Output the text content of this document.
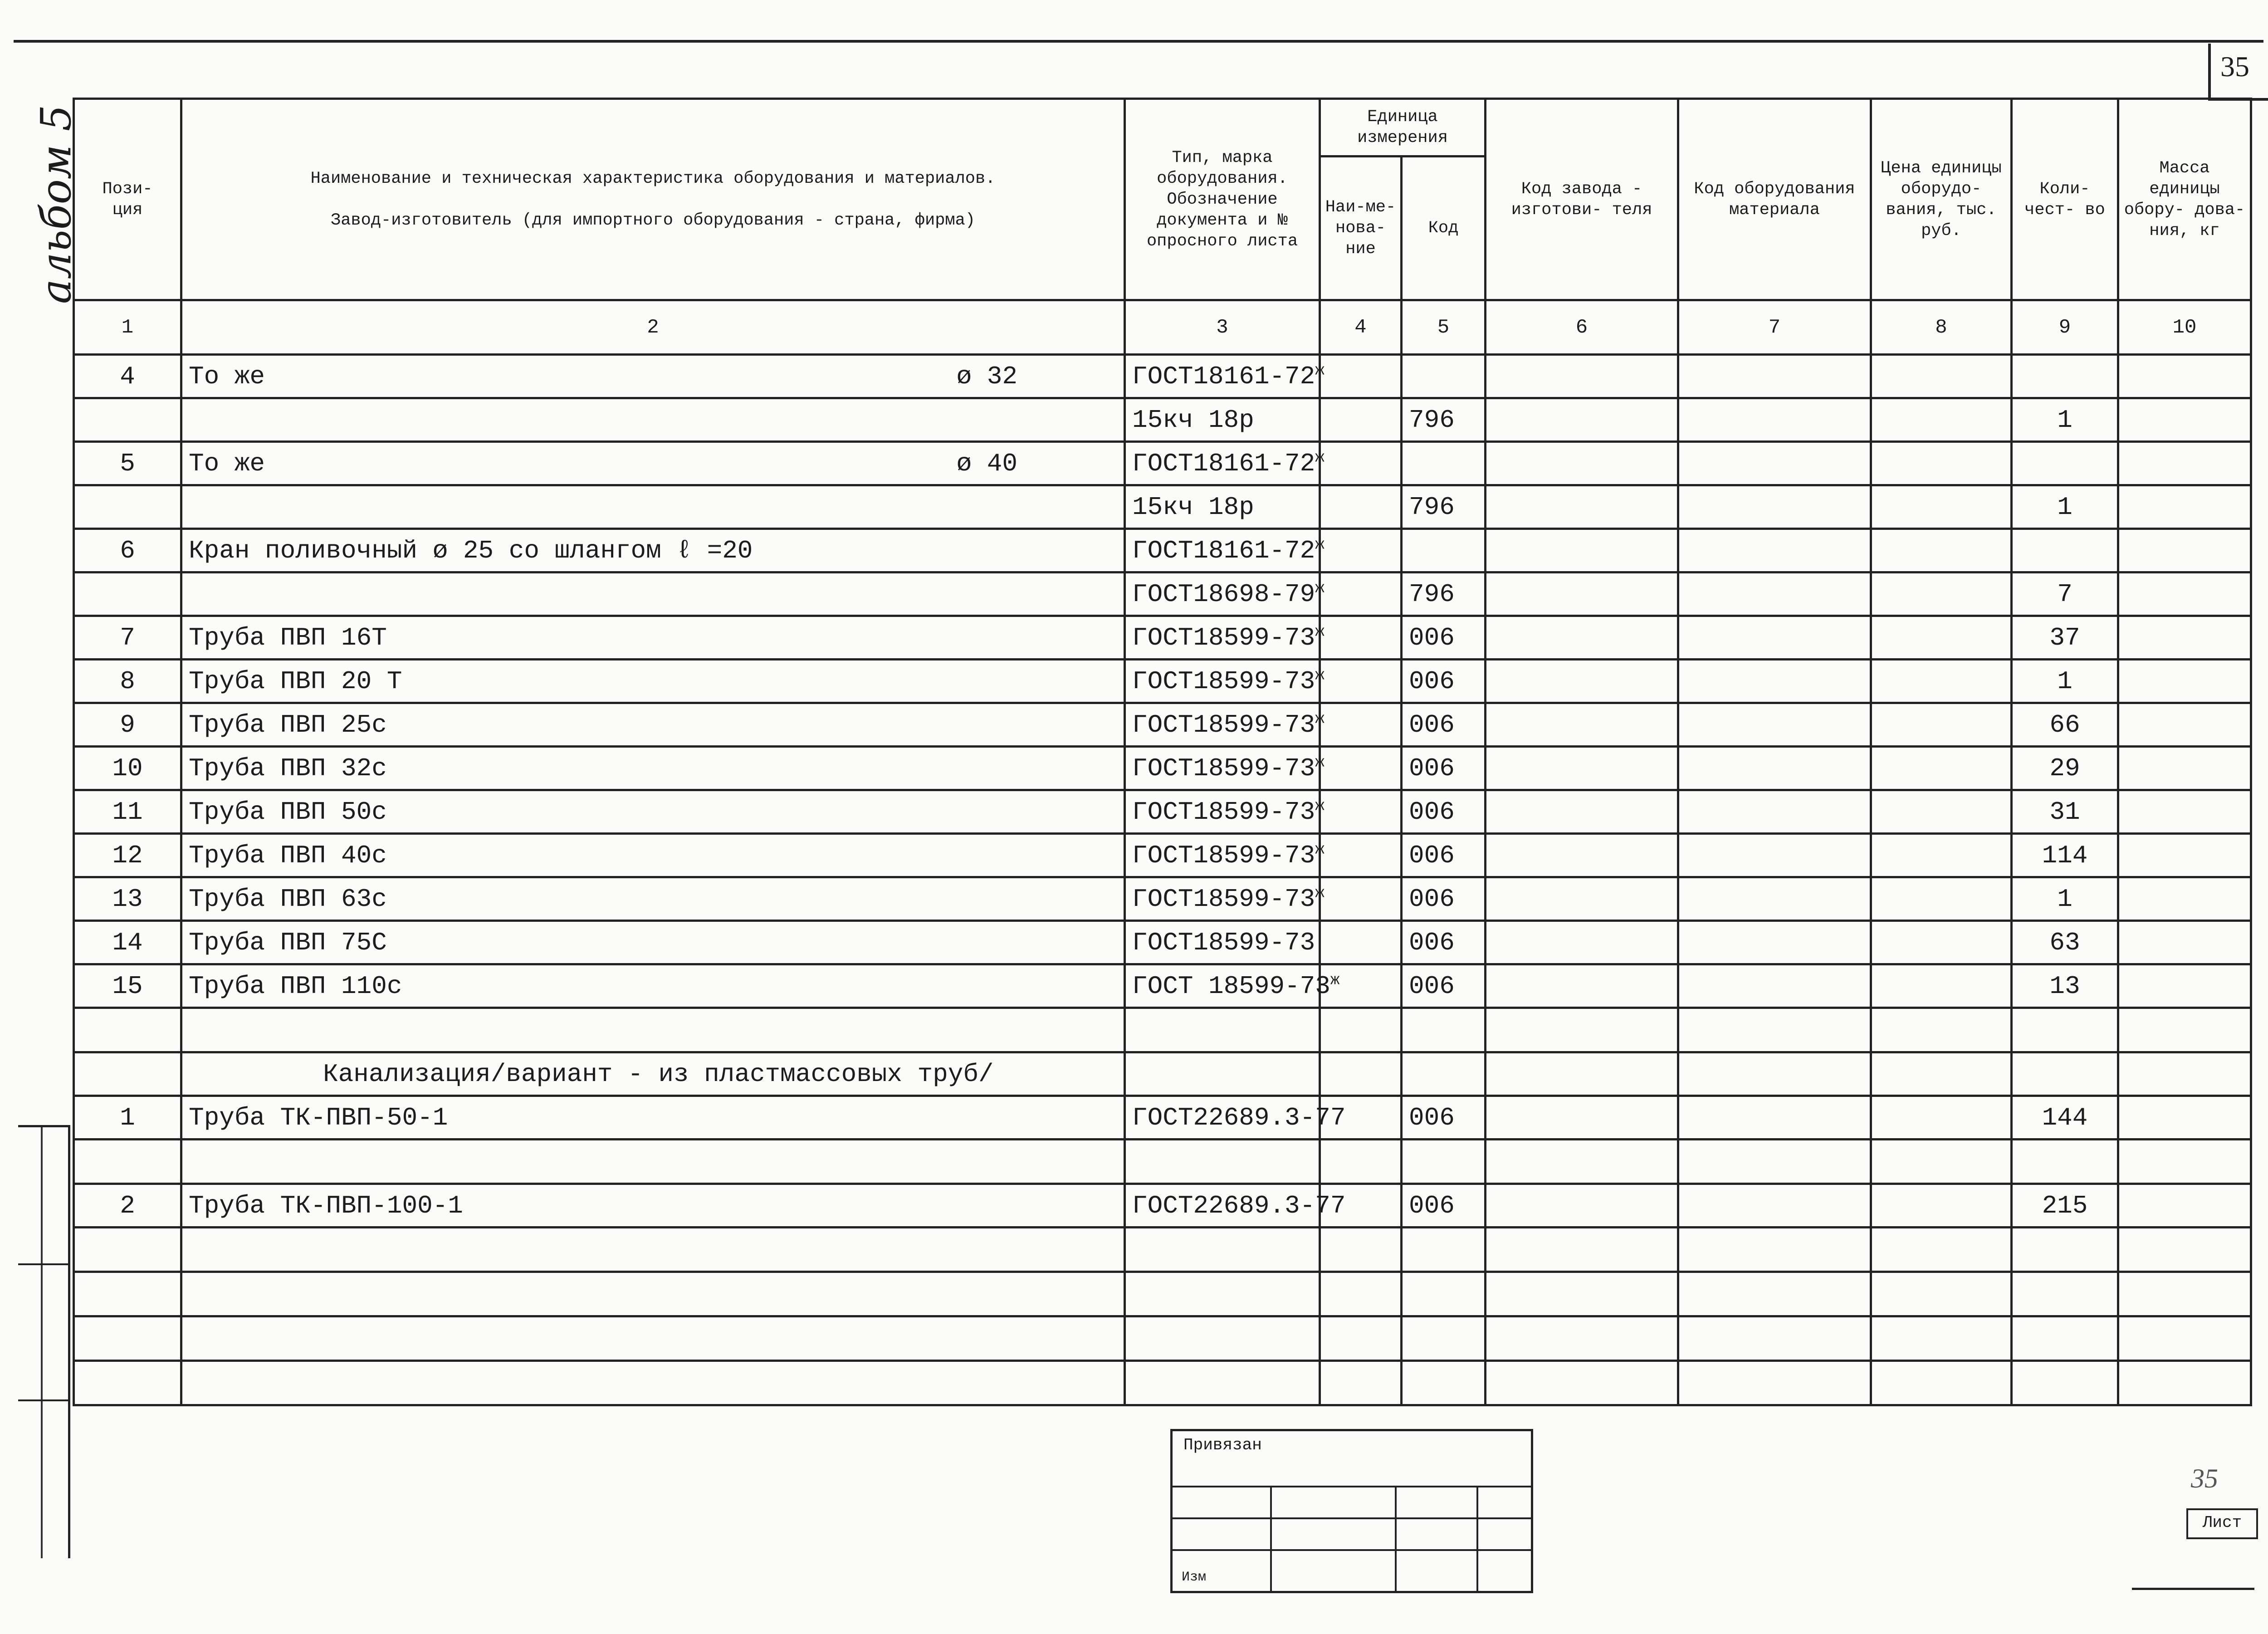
35
альбом 5 Пози-
ция	Наименование и техническая характеристика оборудования и материалов.

Завод-изготовитель (для импортного оборудования - страна, фирма)	Тип, марка оборудования. Обозначение документа и № опросного листа	Единица измерения		Код завода - изготови- теля	Код оборудования материала	Цена единицы оборудо- вания, тыс. руб.	Коли- чест- во	Масса единицы обору- дова- ния, кг
			Наи-ме-нова-ние	Код					
1	2	3	4	5	6	7	8	9	10
4	То же ø 32	$ГОСТ18161-72^ж$							
		15кч 18р		796				1	
5	То же ø 40	$ГОСТ18161-72^ж$							
		15кч 18р		796				1	
6	Кран поливочный ø 25 со шлангом ℓ =20	$ГОСТ18161-72^ж$							
		$ГОСТ18698-79^ж$		796				7	
7	Труба ПВП 16Т	$ГОСТ18599-73^ж$		006				37	
8	Труба ПВП 20 Т	$ГОСТ18599-73^ж$		006				1	
9	Труба ПВП 25с	$ГОСТ18599-73^ж$		006				66	
10	Труба ПВП 32с	$ГОСТ18599-73^ж$		006				29	
11	Труба ПВП 50с	$ГОСТ18599-73^ж$		006				31	
12	Труба ПВП 40с	$ГОСТ18599-73^ж$		006				114	
13	Труба ПВП 63с	$ГОСТ18599-73^ж$		006				1	
14	Труба ПВП 75С	ГОСТ18599-73		006				63	
15	Труба ПВП 110с	ГОСТ $18599-73^ж$		006				13	

	Канализация/вариант - из пластмассовых труб/								
1	Труба ТК-ПВП-50-1	ГОСТ22689.3-77		006				144	

2	Труба ТК-ПВП-100-1	ГОСТ22689.3-77		006				215	

Привязан
Изм
35
Лист
